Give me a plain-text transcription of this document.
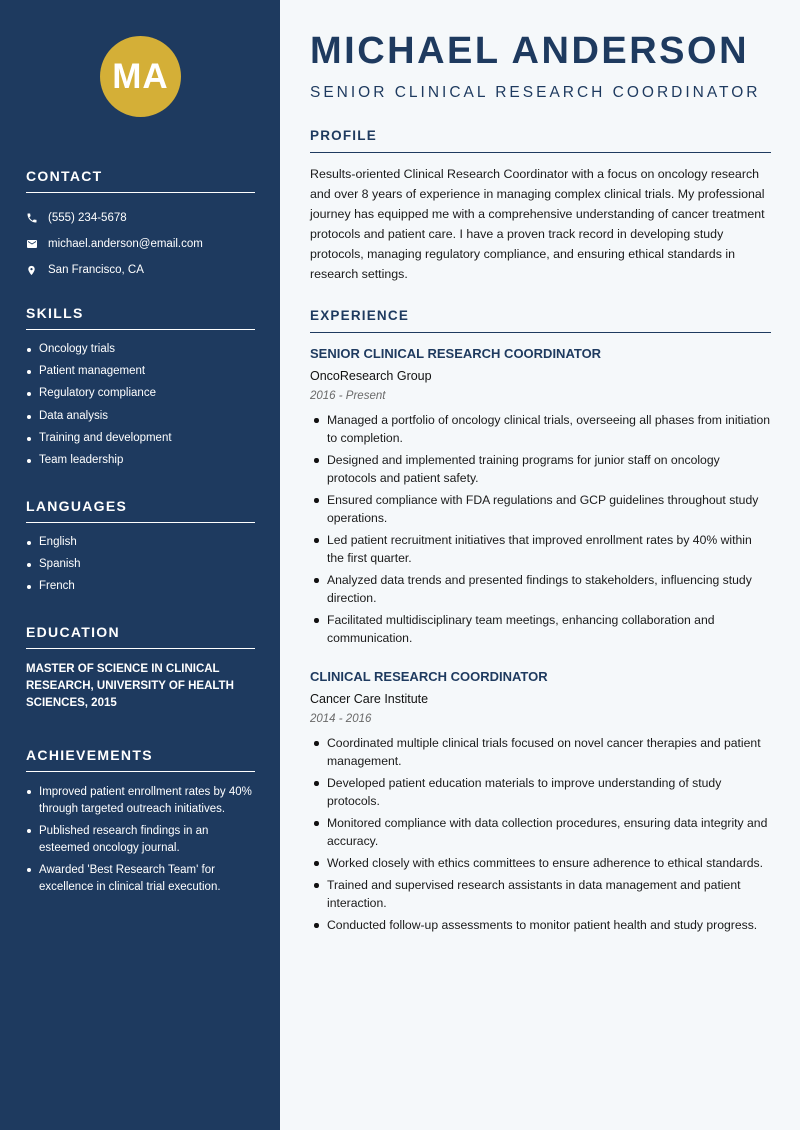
MA
CONTACT
(555) 234-5678
michael.anderson@email.com
San Francisco, CA
SKILLS
Oncology trials
Patient management
Regulatory compliance
Data analysis
Training and development
Team leadership
LANGUAGES
English
Spanish
French
EDUCATION
MASTER OF SCIENCE IN CLINICAL RESEARCH, UNIVERSITY OF HEALTH SCIENCES, 2015
ACHIEVEMENTS
Improved patient enrollment rates by 40% through targeted outreach initiatives.
Published research findings in an esteemed oncology journal.
Awarded 'Best Research Team' for excellence in clinical trial execution.
MICHAEL ANDERSON
SENIOR CLINICAL RESEARCH COORDINATOR
PROFILE
Results-oriented Clinical Research Coordinator with a focus on oncology research and over 8 years of experience in managing complex clinical trials. My professional journey has equipped me with a comprehensive understanding of cancer treatment protocols and patient care. I have a proven track record in developing study protocols, managing regulatory compliance, and ensuring ethical standards in research settings.
EXPERIENCE
SENIOR CLINICAL RESEARCH COORDINATOR
OncoResearch Group
2016 - Present
Managed a portfolio of oncology clinical trials, overseeing all phases from initiation to completion.
Designed and implemented training programs for junior staff on oncology protocols and patient safety.
Ensured compliance with FDA regulations and GCP guidelines throughout study operations.
Led patient recruitment initiatives that improved enrollment rates by 40% within the first quarter.
Analyzed data trends and presented findings to stakeholders, influencing study direction.
Facilitated multidisciplinary team meetings, enhancing collaboration and communication.
CLINICAL RESEARCH COORDINATOR
Cancer Care Institute
2014 - 2016
Coordinated multiple clinical trials focused on novel cancer therapies and patient management.
Developed patient education materials to improve understanding of study protocols.
Monitored compliance with data collection procedures, ensuring data integrity and accuracy.
Worked closely with ethics committees to ensure adherence to ethical standards.
Trained and supervised research assistants in data management and patient interaction.
Conducted follow-up assessments to monitor patient health and study progress.
